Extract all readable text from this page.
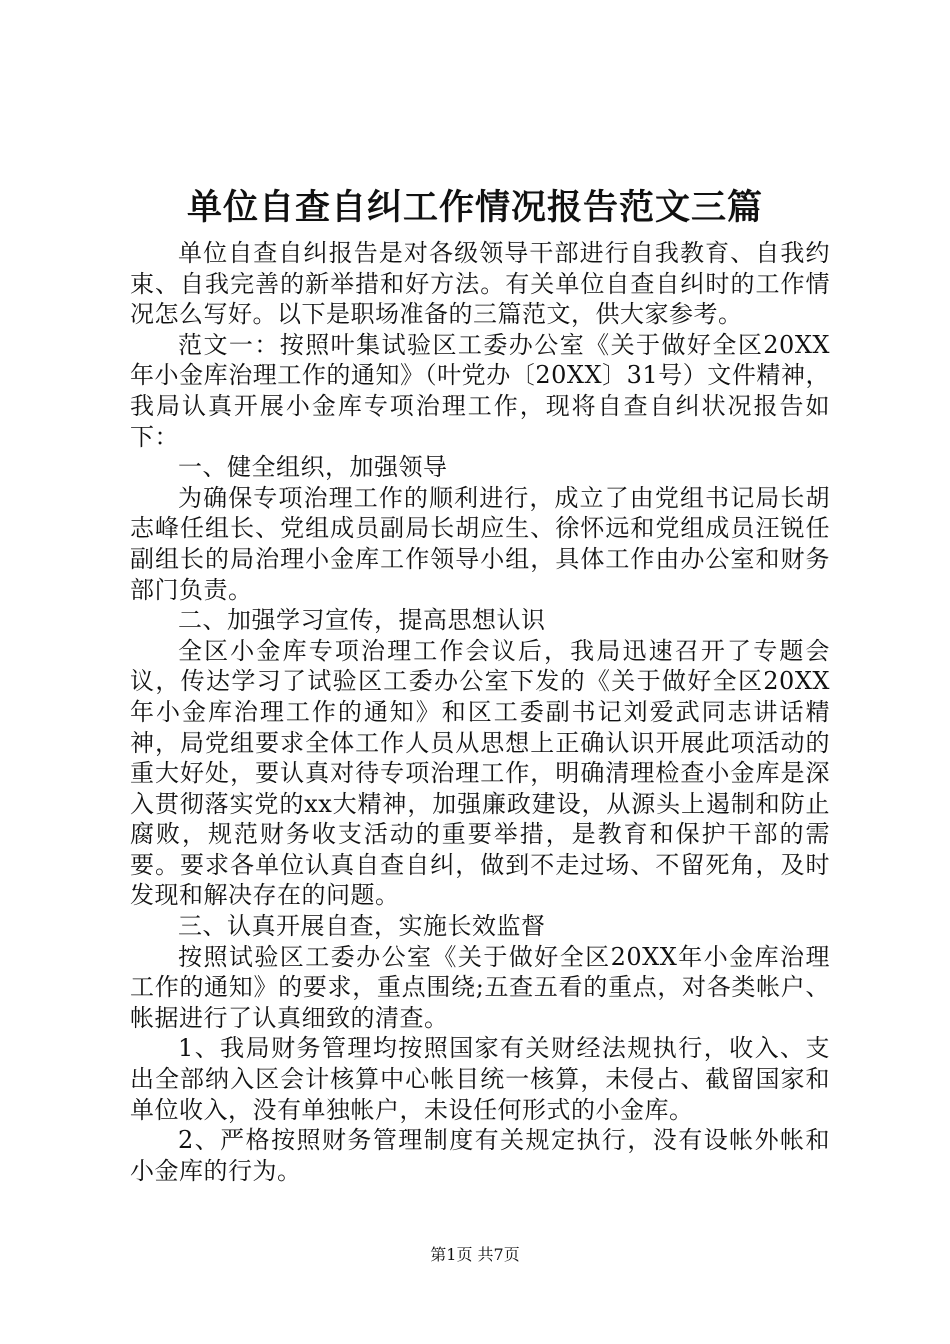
单位自查自纠工作情况报告范文三篇

单位自查自纠报告是对各级领导干部进行自我教育、自我约束、自我完善的新举措和好方法。有关单位自查自纠时的工作情况怎么写好。以下是职场准备的三篇范文，供大家参考。

范文一：按照叶集试验区工委办公室《关于做好全区20XX年小金库治理工作的通知》（叶党办〔20XX〕31号）文件精神，我局认真开展小金库专项治理工作，现将自查自纠状况报告如下：

一、健全组织，加强领导

为确保专项治理工作的顺利进行，成立了由党组书记局长胡志峰任组长、党组成员副局长胡应生、徐怀远和党组成员汪锐任副组长的局治理小金库工作领导小组，具体工作由办公室和财务部门负责。

二、加强学习宣传，提高思想认识

全区小金库专项治理工作会议后，我局迅速召开了专题会议，传达学习了试验区工委办公室下发的《关于做好全区20XX年小金库治理工作的通知》和区工委副书记刘爱武同志讲话精神，局党组要求全体工作人员从思想上正确认识开展此项活动的重大好处，要认真对待专项治理工作，明确清理检查小金库是深入贯彻落实党的xx大精神，加强廉政建设，从源头上遏制和防止腐败，规范财务收支活动的重要举措，是教育和保护干部的需要。要求各单位认真自查自纠，做到不走过场、不留死角，及时发现和解决存在的问题。

三、认真开展自查，实施长效监督

按照试验区工委办公室《关于做好全区20XX年小金库治理工作的通知》的要求，重点围绕;五查五看的重点，对各类帐户、帐据进行了认真细致的清查。

1、我局财务管理均按照国家有关财经法规执行，收入、支出全部纳入区会计核算中心帐目统一核算，未侵占、截留国家和单位收入，没有单独帐户，未设任何形式的小金库。

2、严格按照财务管理制度有关规定执行，没有设帐外帐和小金库的行为。

第1页 共7页
